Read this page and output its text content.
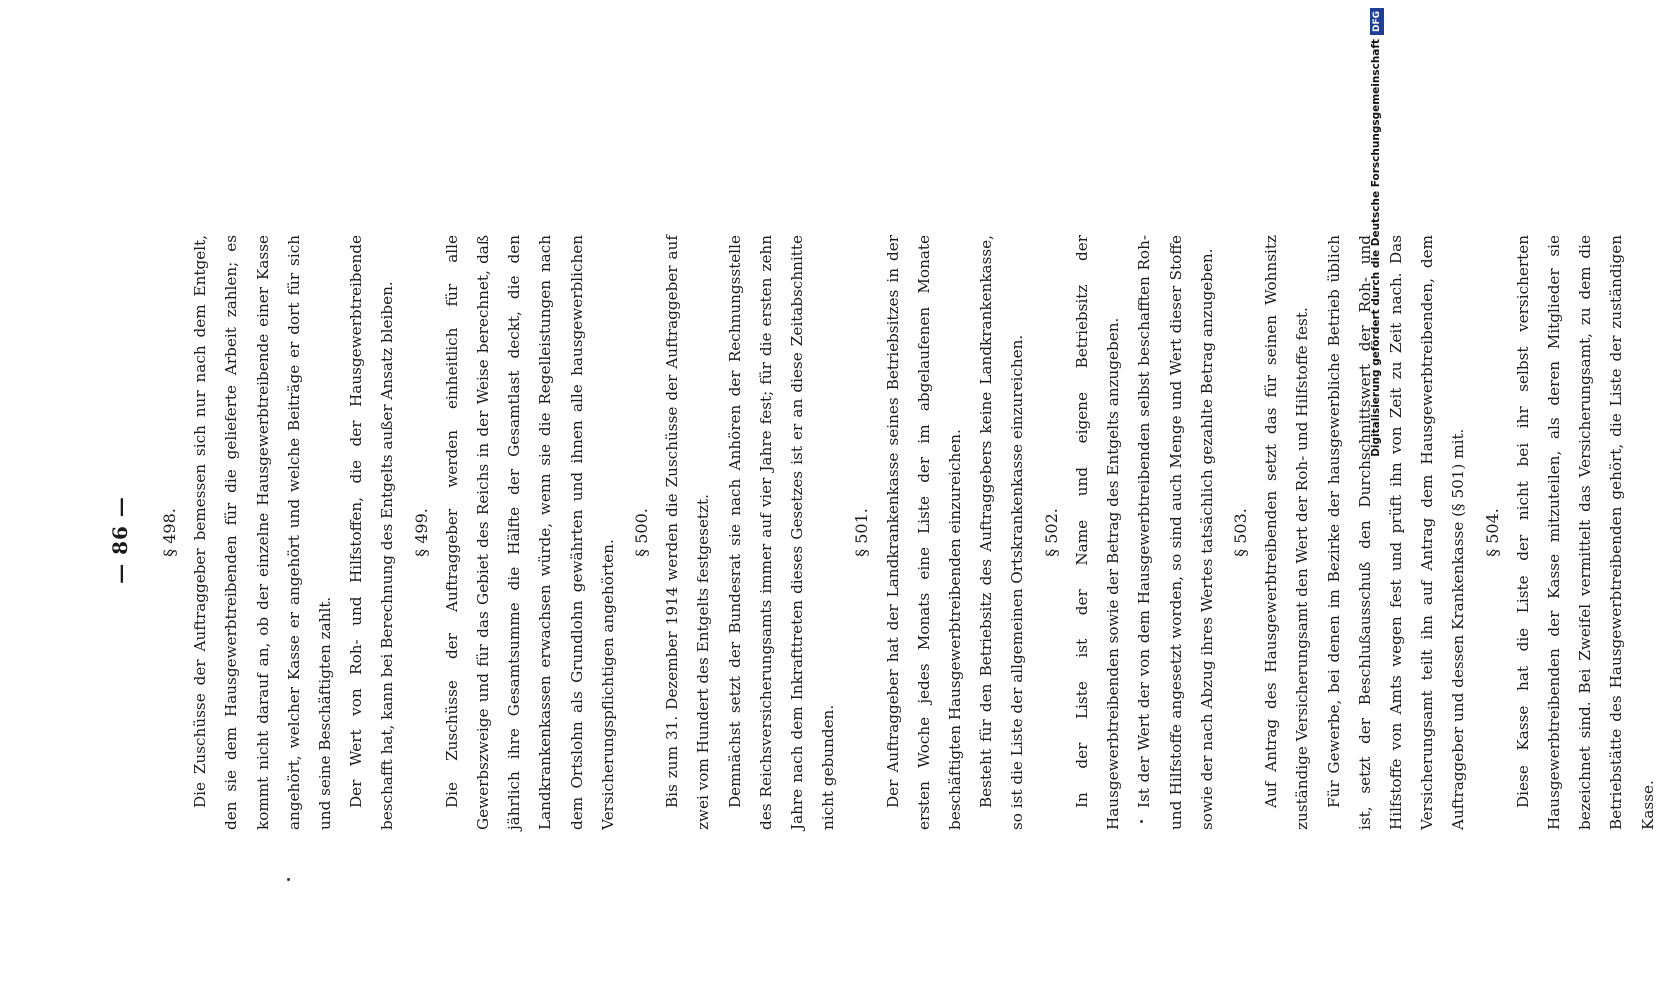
— 86 —	§ 498. Die Zuschüsse der Auftraggeber bemessen sich nur nach dem Entgelt, den sie dem Hausgewerbtreibenden für die gelieferte Arbeit zahlen; es kommt nicht darauf an, ob der einzelne Hausgewerbtreibende einer Kasse angehört, welcher Kasse er angehört und welche Beiträge er dort für sich und seine Beschäftigten zahlt. Der Wert von Roh- und Hilfstoffen, die der Hausgewerbtreibende beschafft hat, kann bei Berechnung des Entgelts außer Ansatz bleiben. § 499. Die Zuschüsse der Auftraggeber werden einheitlich für alle Gewerbszweige und für das Gebiet des Reichs in der Weise berechnet, daß jährlich ihre Gesamtsumme die Hälfte der Gesamtlast deckt, die den Landkrankenkassen erwachsen würde, wenn sie die Regelleistungen nach dem Ortslohn als Grundlohn gewährten und ihnen alle hausgewerblichen Versicherungspflichtigen angehörten.

§ 500. Bis zum 31. Dezember 1914 werden die Zuschüsse der Auftraggeber auf zwei vom Hundert des Entgelts festgesetzt. Demnächst setzt der Bundesrat sie nach Anhören der Rechnungsstelle des Reichsversicherungsamts immer auf vier Jahre fest; für die ersten zehn Jahre nach dem Inkrafttreten dieses Gesetzes ist er an diese Zeitabschnitte nicht gebunden.

§ 501. Der Auftraggeber hat der Landkrankenkasse seines Betriebsitzes in der ersten Woche jedes Monats eine Liste der im abgelaufenen Monate beschäftigten Hausgewerbtreibenden einzureichen. Besteht für den Betriebsitz des Auftraggebers keine Landkrankenkasse, so ist die Liste der allgemeinen Ortskrankenkasse einzureichen. § 502. In der Liste ist der Name und eigene Betriebsitz der Hausgewerbtreibenden sowie der Betrag des Entgelts anzugeben. Ist der Wert der von dem Hausgewerbtreibenden selbst beschafften Roh- und Hilfstoffe angesetzt worden, so sind auch Menge und Wert dieser Stoffe sowie der nach Abzug ihres Wertes tatsächlich gezahlte Betrag anzugeben. § 503. Auf Antrag des Hausgewerbtreibenden setzt das für seinen Wohnsitz zuständige Versicherungsamt den Wert der Roh- und Hilfstoffe fest. Für Gewerbe, bei denen im Bezirke der hausgewerbliche Betrieb üblich ist, setzt der Beschlußausschuß den Durchschnittswert der Roh- und Hilfstoffe von Amts wegen fest und prüft ihn von Zeit zu Zeit nach. Das Versicherungsamt teilt ihn auf Antrag dem Hausgewerbtreibenden, dem Auftraggeber und dessen Krankenkasse (§ 501) mit. § 504. Diese Kasse hat die Liste der nicht bei ihr selbst versicherten Hausgewerbtreibenden der Kasse mitzuteilen, als deren Mitglieder sie bezeichnet sind. Bei Zweifel vermittelt das Versicherungsamt, zu dem die Betriebstätte des Hausgewerbtreibenden gehört, die Liste der zuständigen Kasse.

Digitalisierung gefördert durch die Deutsche ForschungsgemeinschaftDFG
